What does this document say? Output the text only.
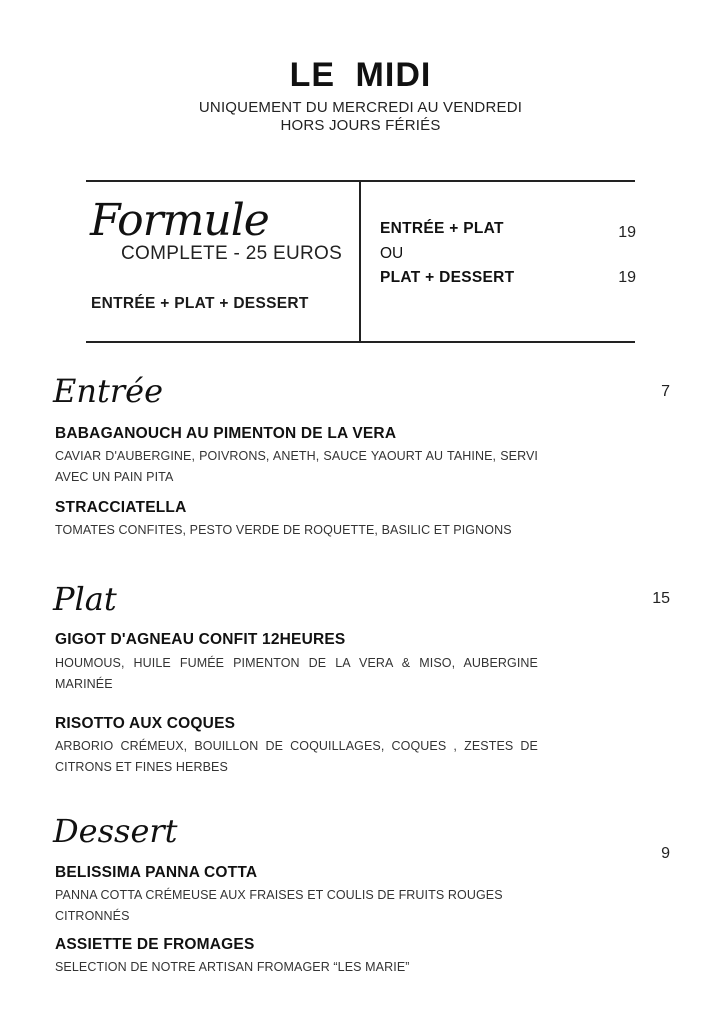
LE MIDI
UNIQUEMENT DU MERCREDI AU VENDREDI
HORS JOURS FÉRIÉS
Formule
COMPLETE - 25 EUROS
ENTRÉE + PLAT + DESSERT
ENTRÉE + PLAT	19
OU
PLAT + DESSERT	19
Entrée	7
BABAGANOUCH AU PIMENTON DE LA VERA
CAVIAR D'AUBERGINE, POIVRONS, ANETH, SAUCE YAOURT AU TAHINE, SERVI AVEC UN PAIN PITA
STRACCIATELLA
TOMATES CONFITES, PESTO VERDE DE ROQUETTE, BASILIC ET PIGNONS
Plat	15
GIGOT D'AGNEAU CONFIT 12HEURES
HOUMOUS, HUILE FUMÉE PIMENTON DE LA VERA & MISO, AUBERGINE MARINÉE
RISOTTO AUX COQUES
ARBORIO CRÉMEUX, BOUILLON DE COQUILLAGES, COQUES , ZESTES DE CITRONS ET FINES HERBES
Dessert
9
BELISSIMA PANNA COTTA
PANNA COTTA CRÉMEUSE AUX FRAISES ET COULIS DE FRUITS ROUGES CITRONNÉS
ASSIETTE DE FROMAGES
SELECTION DE NOTRE ARTISAN FROMAGER “LES MARIE”
